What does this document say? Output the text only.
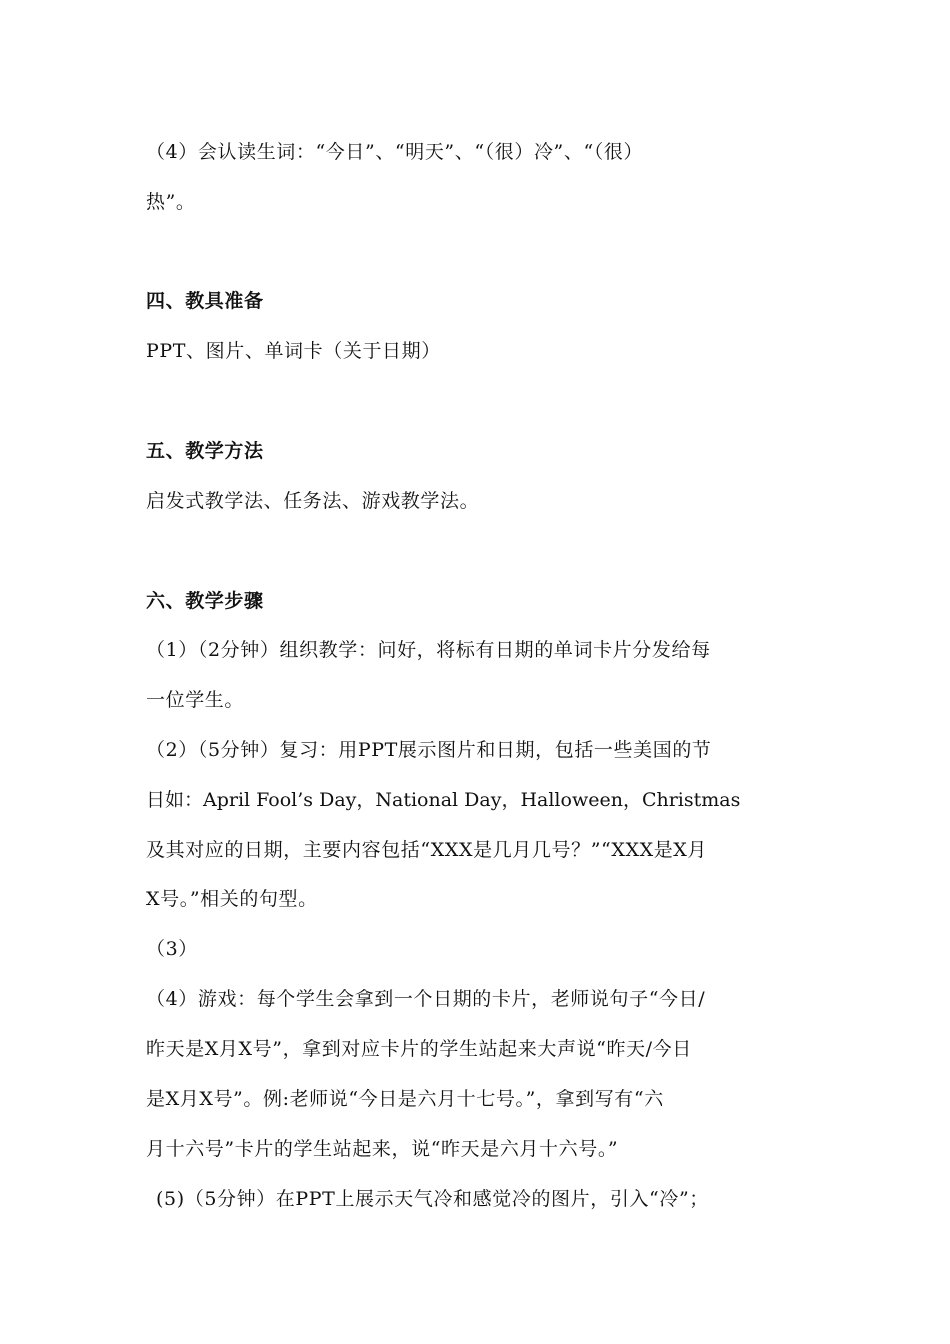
（4）会认读生词：“今日”、“明天”、“（很）冷”、“（很）
热”。
四、教具准备
PPT、图片、单词卡（关于日期）
五、教学方法
启发式教学法、任务法、游戏教学法。
六、教学步骤
（1）（2分钟）组织教学：问好，将标有日期的单词卡片分发给每
一位学生。
（2）（5分钟）复习：用PPT展示图片和日期，包括一些美国的节
日如：April Fool’s Day，National Day，Halloween，Christmas
及其对应的日期，主要内容包括“XXX是几月几号？”“XXX是X月
X号。”相关的句型。
（3）
（4）游戏：每个学生会拿到一个日期的卡片，老师说句子“今日/
昨天是X月X号”，拿到对应卡片的学生站起来大声说“昨天/今日
是X月X号”。例:老师说“今日是六月十七号。”，拿到写有“六
月十六号”卡片的学生站起来，说“昨天是六月十六号。”
(5)（5分钟）在PPT上展示天气冷和感觉冷的图片，引入“冷”；
